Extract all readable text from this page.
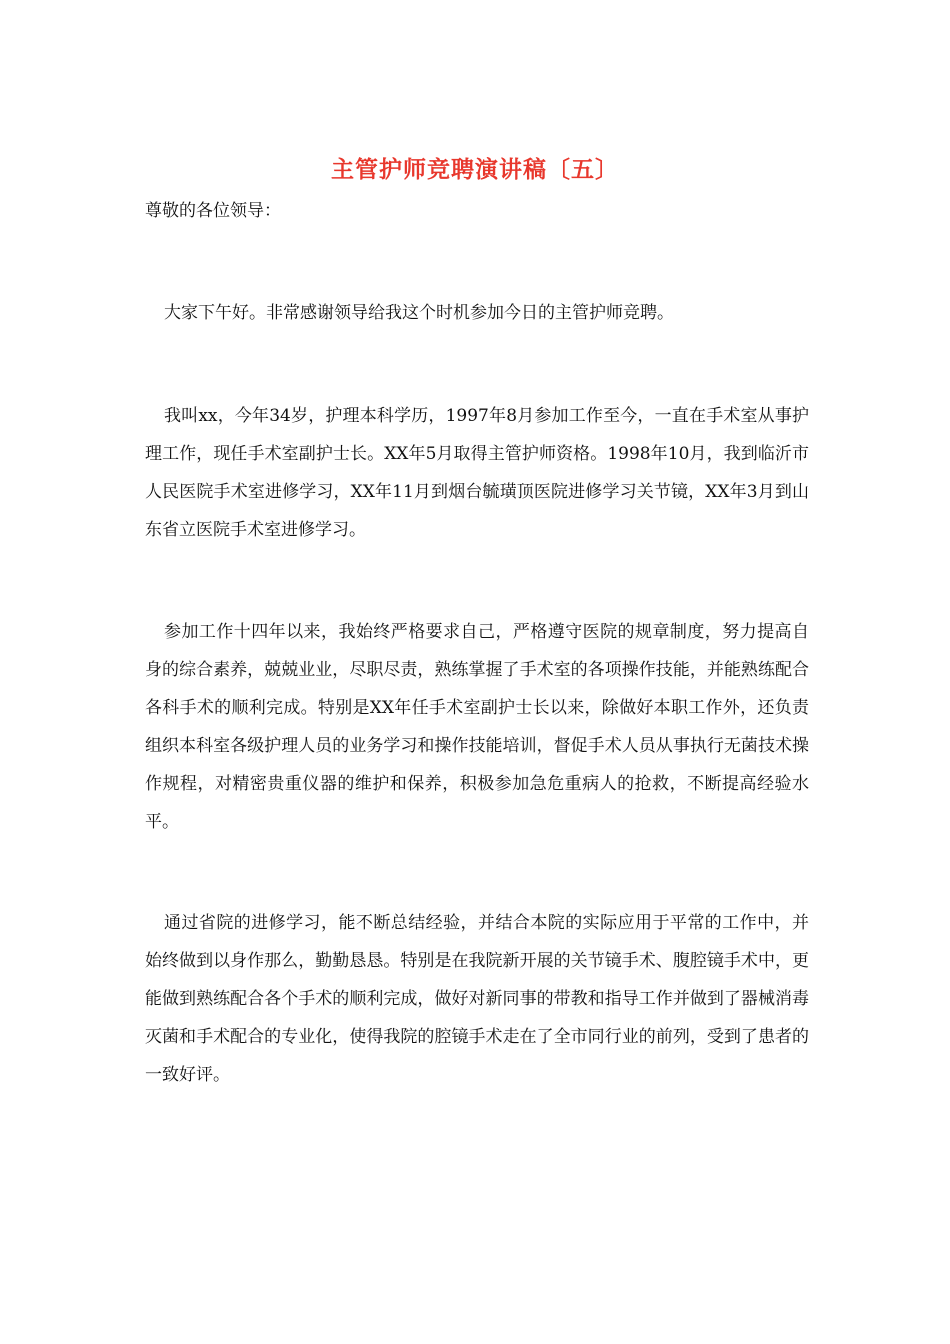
主管护师竞聘演讲稿〔五〕
尊敬的各位领导：
大家下午好。非常感谢领导给我这个时机参加今日的主管护师竞聘。
我叫xx，今年34岁，护理本科学历，1997年8月参加工作至今，一直在手术室从事护理工作，现任手术室副护士长。XX年5月取得主管护师资格。1998年10月，我到临沂市人民医院手术室进修学习，XX年11月到烟台毓璜顶医院进修学习关节镜，XX年3月到山东省立医院手术室进修学习。
参加工作十四年以来，我始终严格要求自己，严格遵守医院的规章制度，努力提高自身的综合素养，兢兢业业，尽职尽责，熟练掌握了手术室的各项操作技能，并能熟练配合各科手术的顺利完成。特别是XX年任手术室副护士长以来，除做好本职工作外，还负责组织本科室各级护理人员的业务学习和操作技能培训，督促手术人员从事执行无菌技术操作规程，对精密贵重仪器的维护和保养，积极参加急危重病人的抢救，不断提高经验水平。
通过省院的进修学习，能不断总结经验，并结合本院的实际应用于平常的工作中，并始终做到以身作那么，勤勤恳恳。特别是在我院新开展的关节镜手术、腹腔镜手术中，更能做到熟练配合各个手术的顺利完成，做好对新同事的带教和指导工作并做到了器械消毒灭菌和手术配合的专业化，使得我院的腔镜手术走在了全市同行业的前列，受到了患者的一致好评。
